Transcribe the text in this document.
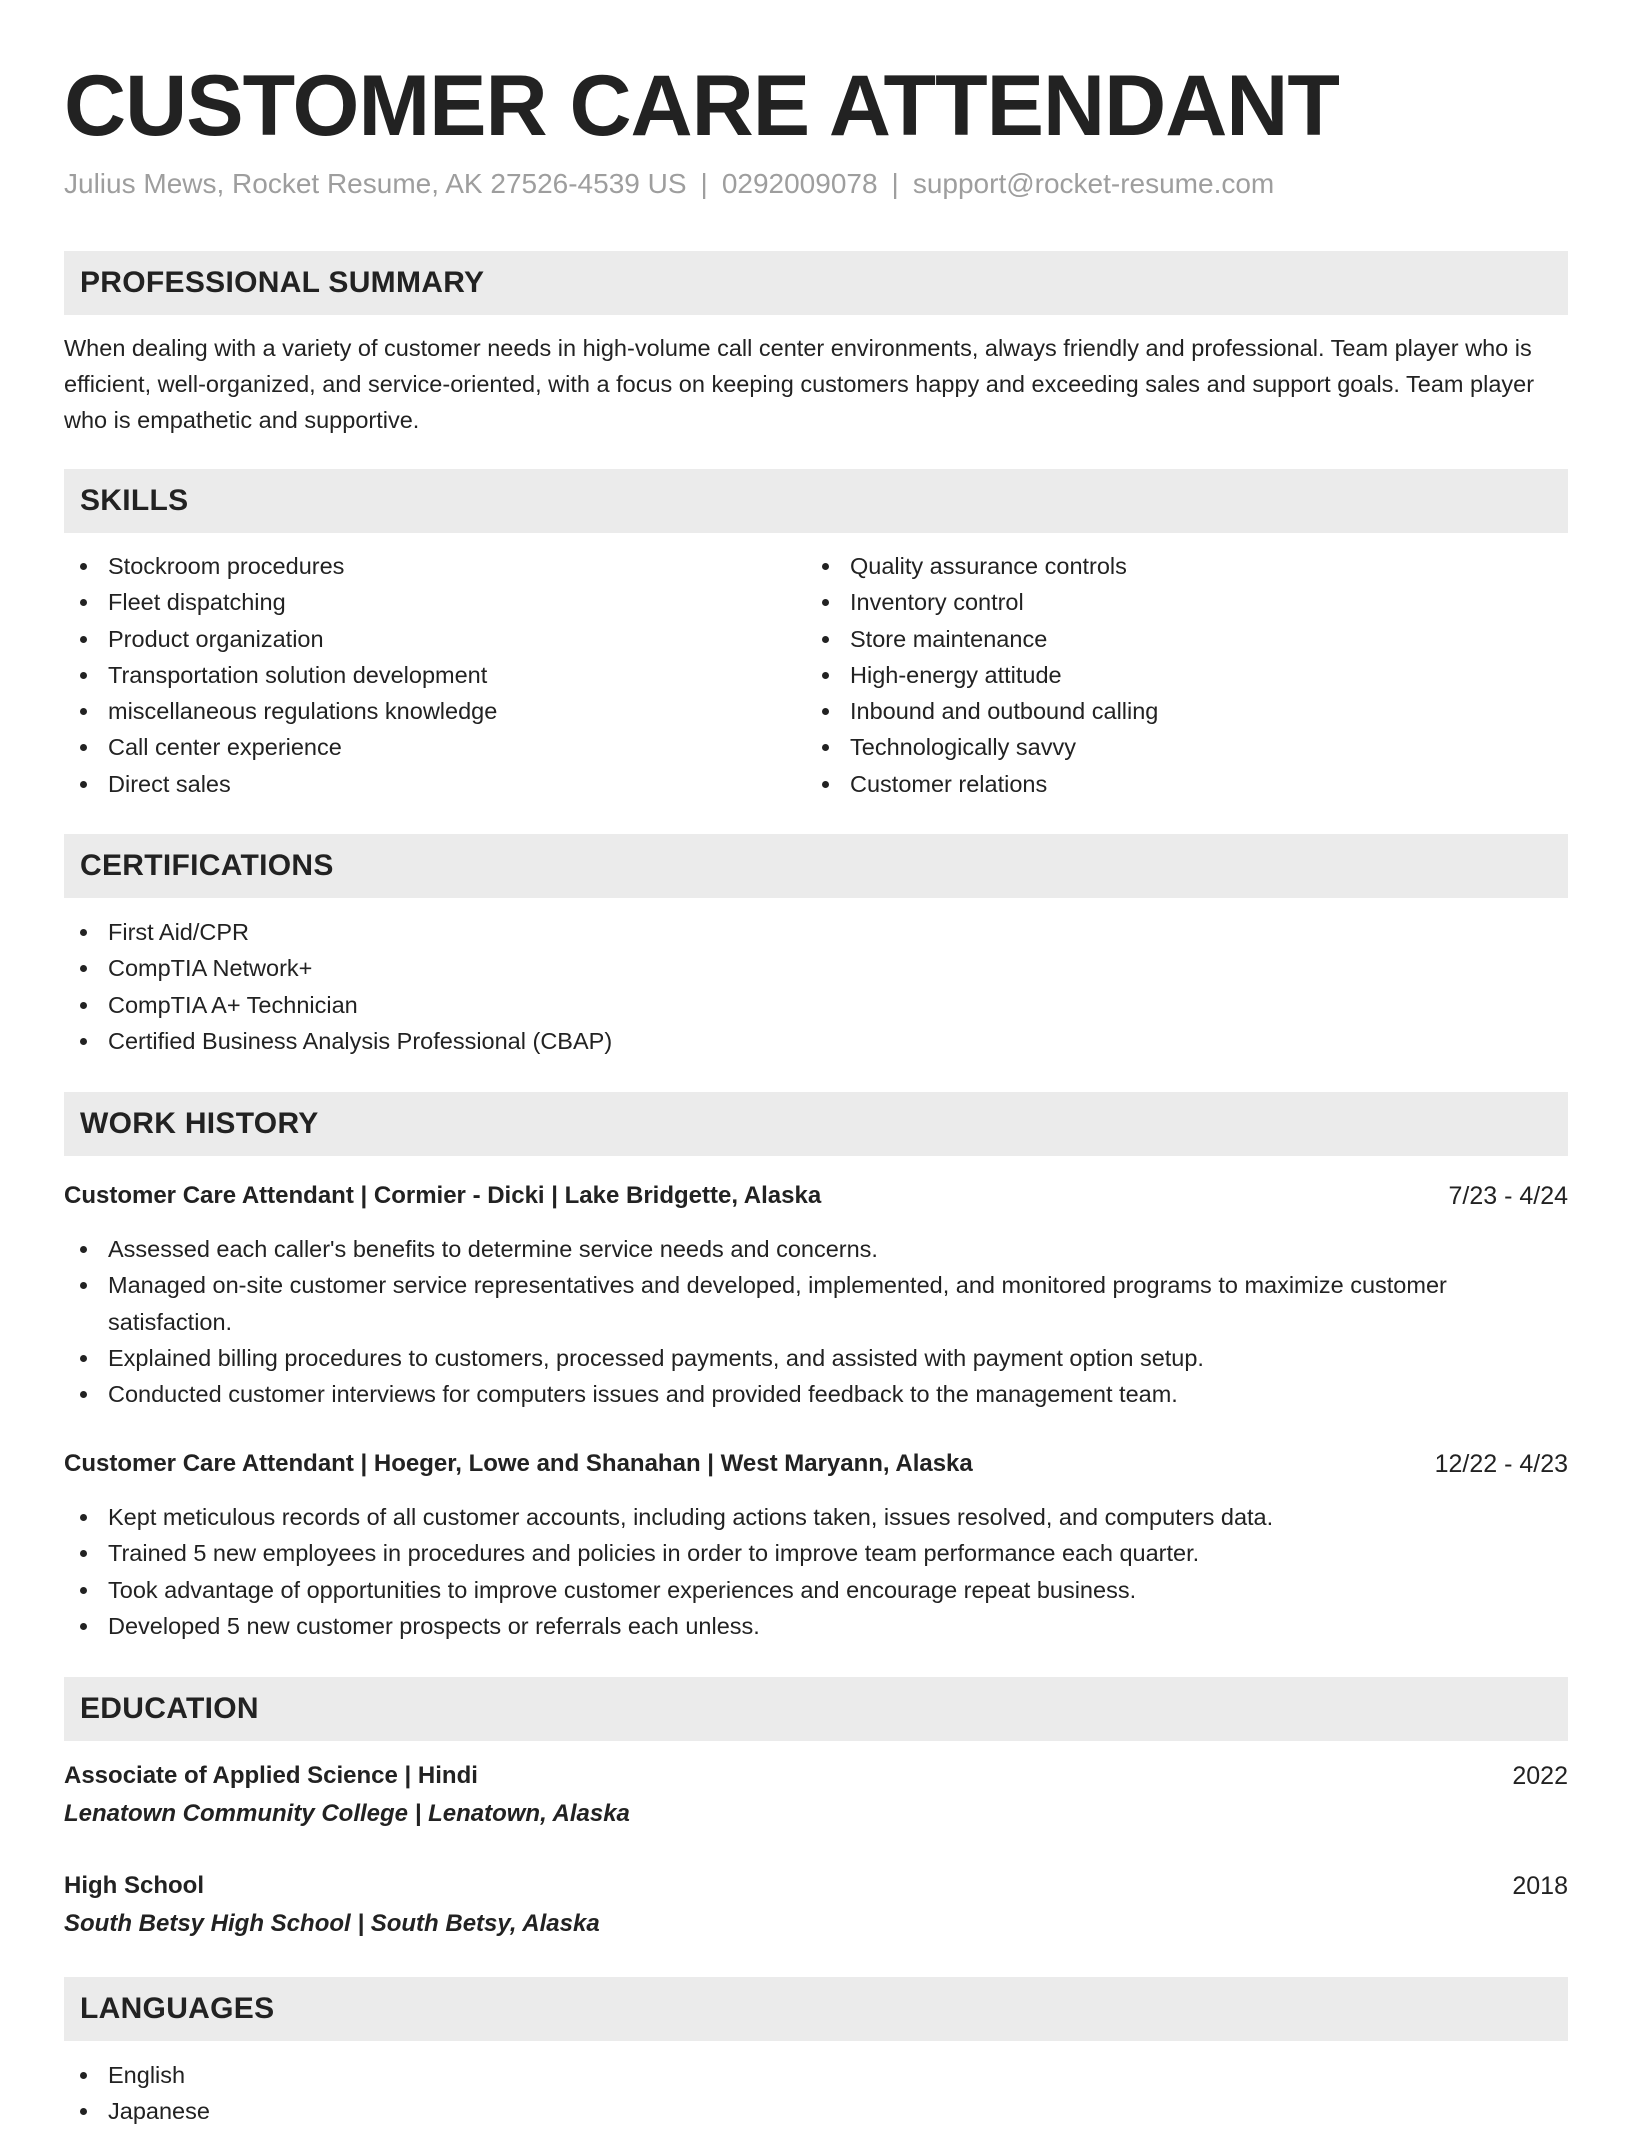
CUSTOMER CARE ATTENDANT
Julius Mews, Rocket Resume, AK 27526-4539 US | 0292009078 | support@rocket-resume.com
PROFESSIONAL SUMMARY
When dealing with a variety of customer needs in high-volume call center environments, always friendly and professional. Team player who is efficient, well-organized, and service-oriented, with a focus on keeping customers happy and exceeding sales and support goals. Team player who is empathetic and supportive.
SKILLS
Stockroom procedures
Fleet dispatching
Product organization
Transportation solution development
miscellaneous regulations knowledge
Call center experience
Direct sales
Quality assurance controls
Inventory control
Store maintenance
High-energy attitude
Inbound and outbound calling
Technologically savvy
Customer relations
CERTIFICATIONS
First Aid/CPR
CompTIA Network+
CompTIA A+ Technician
Certified Business Analysis Professional (CBAP)
WORK HISTORY
Customer Care Attendant | Cormier - Dicki | Lake Bridgette, Alaska	7/23 - 4/24
Assessed each caller's benefits to determine service needs and concerns.
Managed on-site customer service representatives and developed, implemented, and monitored programs to maximize customer satisfaction.
Explained billing procedures to customers, processed payments, and assisted with payment option setup.
Conducted customer interviews for computers issues and provided feedback to the management team.
Customer Care Attendant | Hoeger, Lowe and Shanahan | West Maryann, Alaska	12/22 - 4/23
Kept meticulous records of all customer accounts, including actions taken, issues resolved, and computers data.
Trained 5 new employees in procedures and policies in order to improve team performance each quarter.
Took advantage of opportunities to improve customer experiences and encourage repeat business.
Developed 5 new customer prospects or referrals each unless.
EDUCATION
Associate of Applied Science | Hindi	2022
Lenatown Community College | Lenatown, Alaska
High School	2018
South Betsy High School | South Betsy, Alaska
LANGUAGES
English
Japanese
